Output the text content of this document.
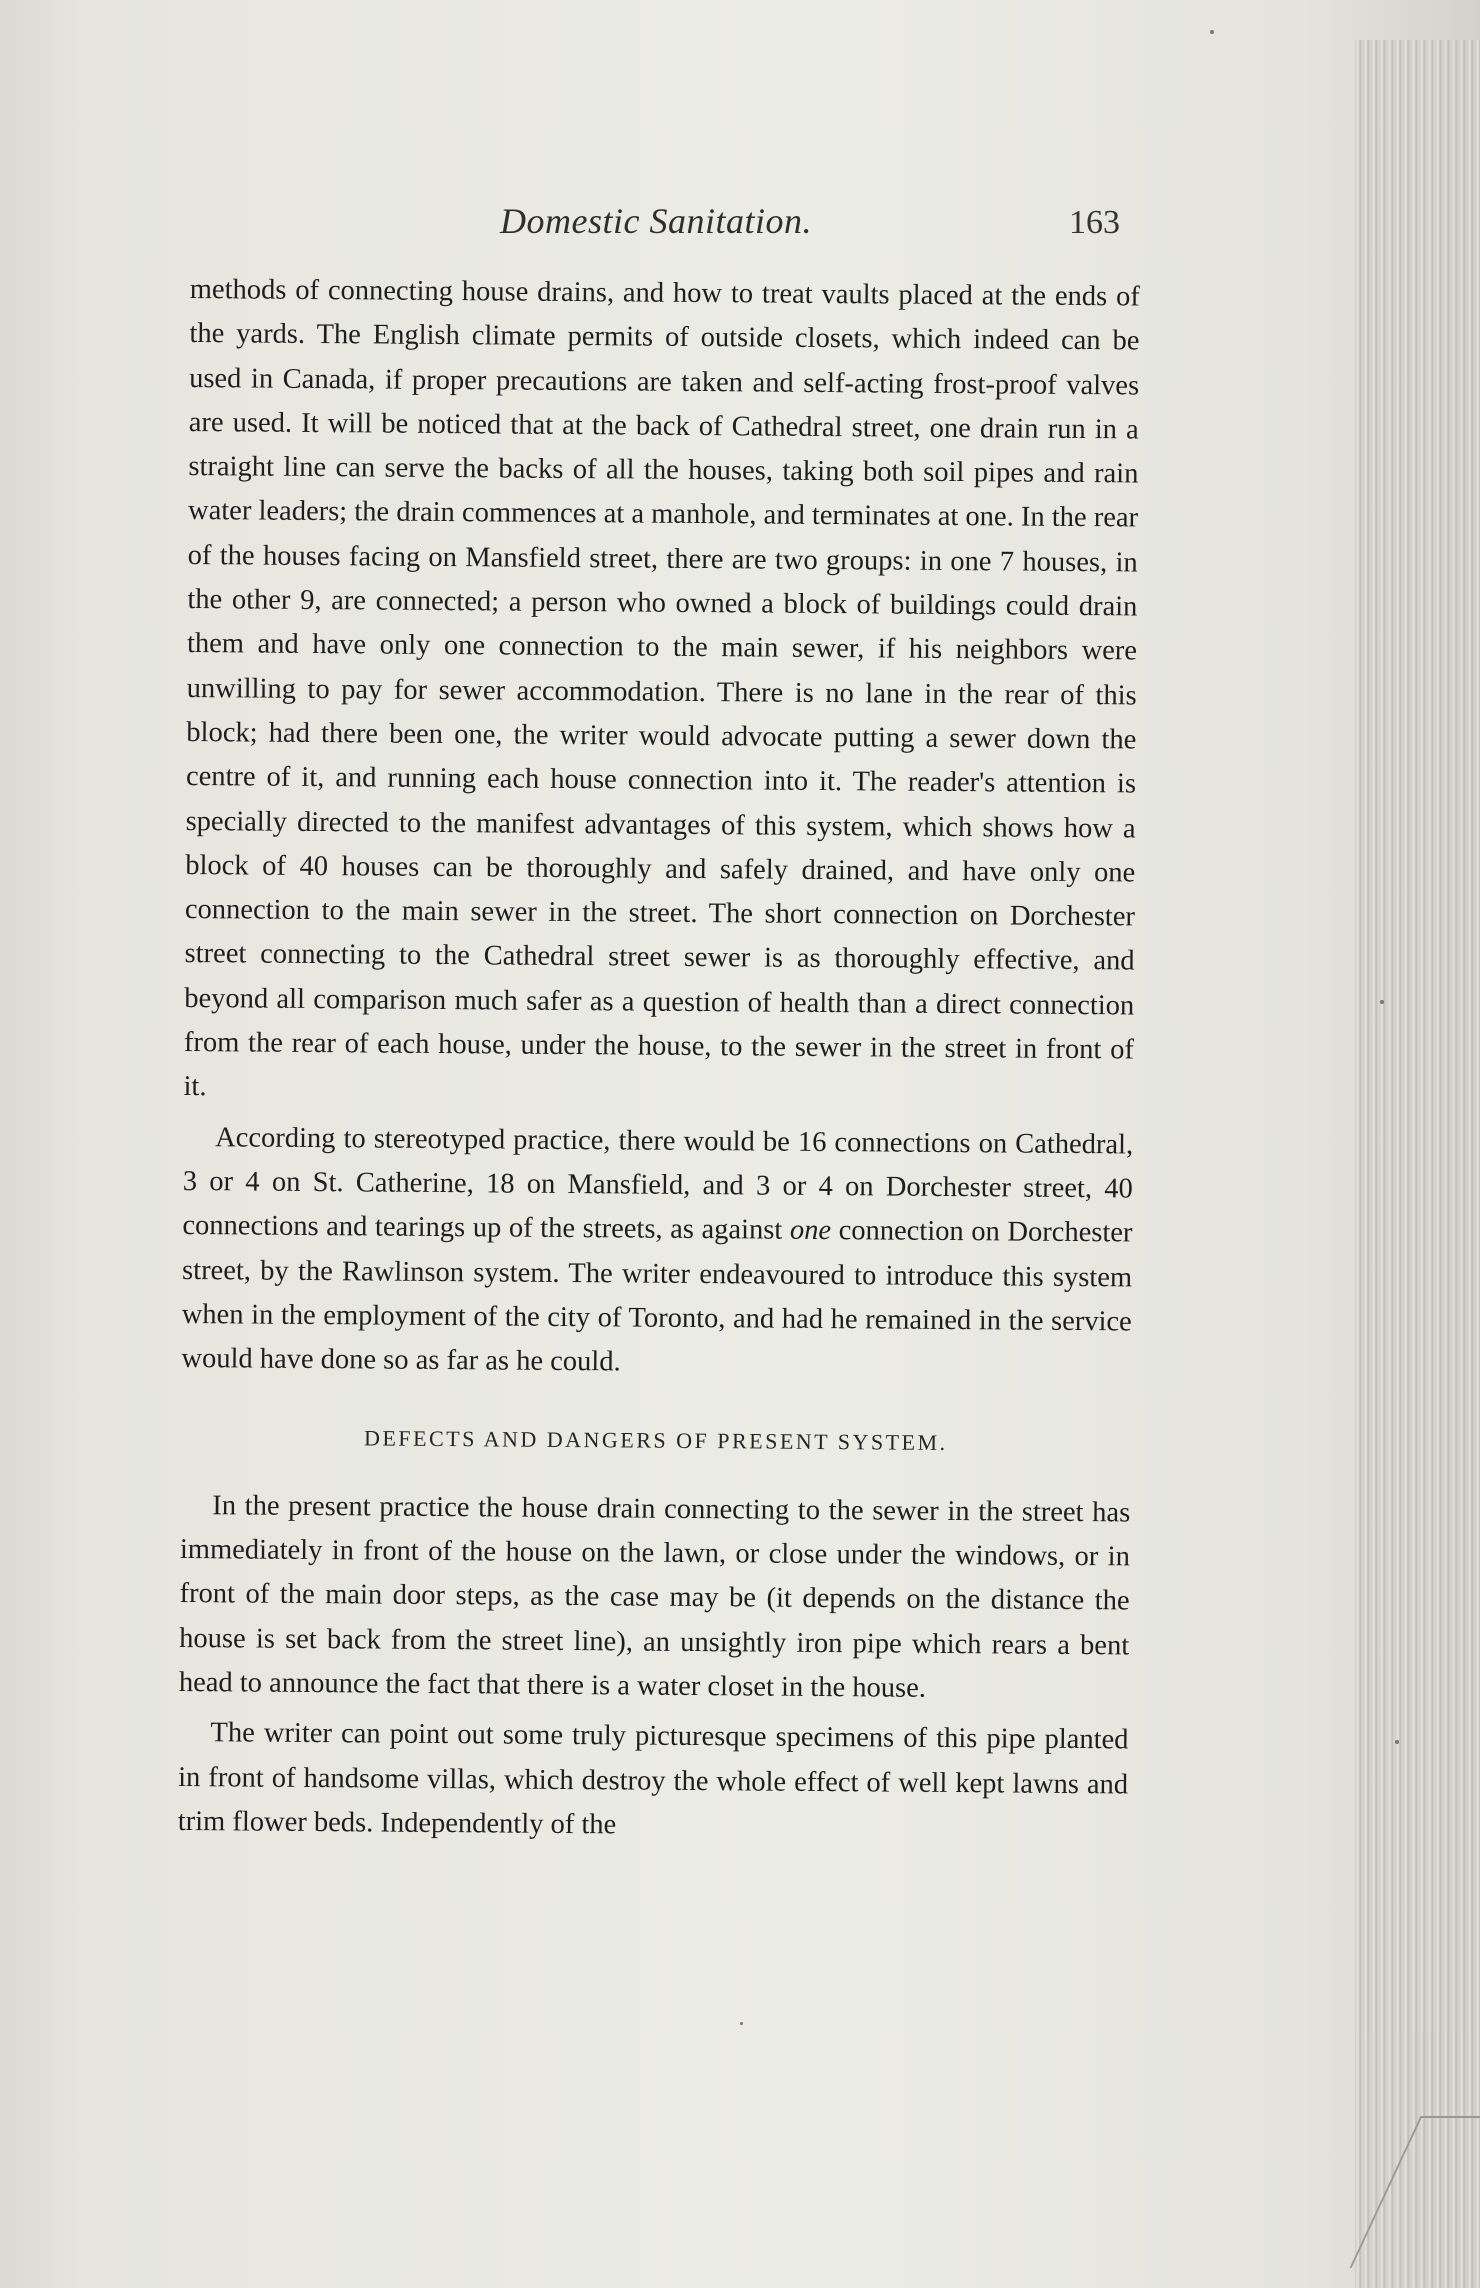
Domestic Sanitation.	163

methods of connecting house drains, and how to treat vaults placed at the ends of the yards. The English climate permits of outside closets, which indeed can be used in Canada, if proper precautions are taken and self-acting frost-proof valves are used. It will be noticed that at the back of Cathedral street, one drain run in a straight line can serve the backs of all the houses, taking both soil pipes and rain water leaders; the drain commences at a manhole, and terminates at one. In the rear of the houses facing on Mansfield street, there are two groups: in one 7 houses, in the other 9, are connected; a person who owned a block of buildings could drain them and have only one connection to the main sewer, if his neighbors were unwilling to pay for sewer accommodation. There is no lane in the rear of this block; had there been one, the writer would advocate putting a sewer down the centre of it, and running each house connection into it. The reader's attention is specially directed to the manifest advantages of this system, which shows how a block of 40 houses can be thoroughly and safely drained, and have only one connection to the main sewer in the street. The short connection on Dorchester street connecting to the Cathedral street sewer is as thoroughly effective, and beyond all comparison much safer as a question of health than a direct connection from the rear of each house, under the house, to the sewer in the street in front of it.

According to stereotyped practice, there would be 16 connections on Cathedral, 3 or 4 on St. Catherine, 18 on Mansfield, and 3 or 4 on Dorchester street, 40 connections and tearings up of the streets, as against one connection on Dorchester street, by the Rawlinson system. The writer endeavoured to introduce this system when in the employment of the city of Toronto, and had he remained in the service would have done so as far as he could.

DEFECTS AND DANGERS OF PRESENT SYSTEM.

In the present practice the house drain connecting to the sewer in the street has immediately in front of the house on the lawn, or close under the windows, or in front of the main door steps, as the case may be (it depends on the distance the house is set back from the street line), an unsightly iron pipe which rears a bent head to announce the fact that there is a water closet in the house.

The writer can point out some truly picturesque specimens of this pipe planted in front of handsome villas, which destroy the whole effect of well kept lawns and trim flower beds. Independently of the
